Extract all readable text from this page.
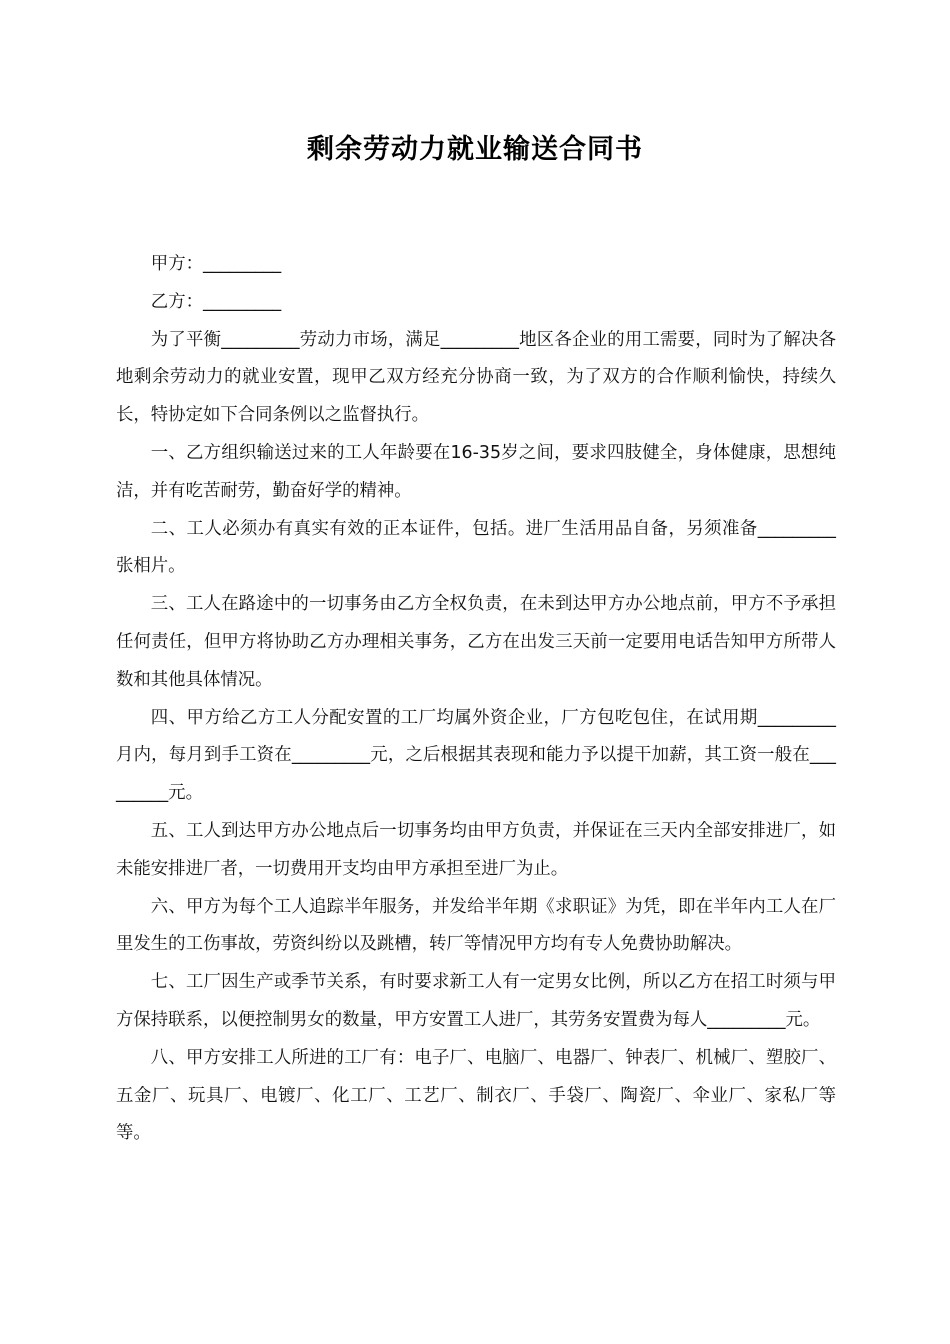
剩余劳动力就业输送合同书

甲方：_________

乙方：_________

为了平衡_________劳动力市场，满足_________地区各企业的用工需要，同时为了解决各地剩余劳动力的就业安置，现甲乙双方经充分协商一致，为了双方的合作顺利愉快，持续久长，特协定如下合同条例以之监督执行。

一、乙方组织输送过来的工人年龄要在16-35岁之间，要求四肢健全，身体健康，思想纯洁，并有吃苦耐劳，勤奋好学的精神。

二、工人必须办有真实有效的正本证件，包括。进厂生活用品自备，另须准备_________张相片。

三、工人在路途中的一切事务由乙方全权负责，在未到达甲方办公地点前，甲方不予承担任何责任，但甲方将协助乙方办理相关事务，乙方在出发三天前一定要用电话告知甲方所带人数和其他具体情况。

四、甲方给乙方工人分配安置的工厂均属外资企业，厂方包吃包住，在试用期_________月内，每月到手工资在_________元，之后根据其表现和能力予以提干加薪，其工资一般在_________元。

五、工人到达甲方办公地点后一切事务均由甲方负责，并保证在三天内全部安排进厂，如未能安排进厂者，一切费用开支均由甲方承担至进厂为止。

六、甲方为每个工人追踪半年服务，并发给半年期《求职证》为凭，即在半年内工人在厂里发生的工伤事故，劳资纠纷以及跳槽，转厂等情况甲方均有专人免费协助解决。

七、工厂因生产或季节关系，有时要求新工人有一定男女比例，所以乙方在招工时须与甲方保持联系，以便控制男女的数量，甲方安置工人进厂，其劳务安置费为每人_________元。

八、甲方安排工人所进的工厂有：电子厂、电脑厂、电器厂、钟表厂、机械厂、塑胶厂、五金厂、玩具厂、电镀厂、化工厂、工艺厂、制衣厂、手袋厂、陶瓷厂、伞业厂、家私厂等等。
